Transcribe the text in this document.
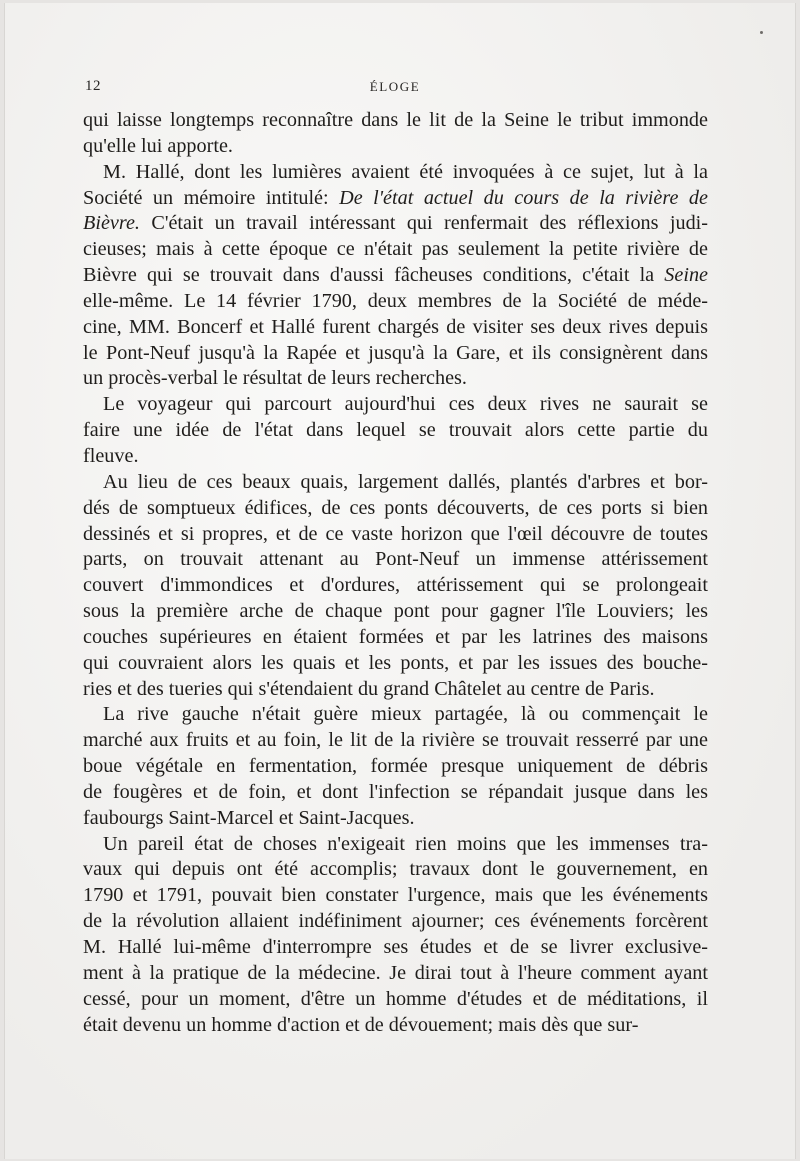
12	ÉLOGE

qui laisse longtemps reconnaître dans le lit de la Seine le tribut immonde
qu'elle lui apporte.

M. Hallé, dont les lumières avaient été invoquées à ce sujet, lut à la
Société un mémoire intitulé: De l'état actuel du cours de la rivière de
Bièvre. C'était un travail intéressant qui renfermait des réflexions judi-
cieuses; mais à cette époque ce n'était pas seulement la petite rivière de
Bièvre qui se trouvait dans d'aussi fâcheuses conditions, c'était la Seine
elle-même. Le 14 février 1790, deux membres de la Société de méde-
cine, MM. Boncerf et Hallé furent chargés de visiter ses deux rives depuis
le Pont-Neuf jusqu'à la Rapée et jusqu'à la Gare, et ils consignèrent dans
un procès-verbal le résultat de leurs recherches.

Le voyageur qui parcourt aujourd'hui ces deux rives ne saurait se
faire une idée de l'état dans lequel se trouvait alors cette partie du
fleuve.

Au lieu de ces beaux quais, largement dallés, plantés d'arbres et bor-
dés de somptueux édifices, de ces ponts découverts, de ces ports si bien
dessinés et si propres, et de ce vaste horizon que l'œil découvre de toutes
parts, on trouvait attenant au Pont-Neuf un immense attérissement
couvert d'immondices et d'ordures, attérissement qui se prolongeait
sous la première arche de chaque pont pour gagner l'île Louviers; les
couches supérieures en étaient formées et par les latrines des maisons
qui couvraient alors les quais et les ponts, et par les issues des bouche-
ries et des tueries qui s'étendaient du grand Châtelet au centre de Paris.

La rive gauche n'était guère mieux partagée, là ou commençait le
marché aux fruits et au foin, le lit de la rivière se trouvait resserré par une
boue végétale en fermentation, formée presque uniquement de débris
de fougères et de foin, et dont l'infection se répandait jusque dans les
faubourgs Saint-Marcel et Saint-Jacques.

Un pareil état de choses n'exigeait rien moins que les immenses tra-
vaux qui depuis ont été accomplis; travaux dont le gouvernement, en
1790 et 1791, pouvait bien constater l'urgence, mais que les événements
de la révolution allaient indéfiniment ajourner; ces événements forcèrent
M. Hallé lui-même d'interrompre ses études et de se livrer exclusive-
ment à la pratique de la médecine. Je dirai tout à l'heure comment ayant
cessé, pour un moment, d'être un homme d'études et de méditations, il
était devenu un homme d'action et de dévouement; mais dès que sur-
